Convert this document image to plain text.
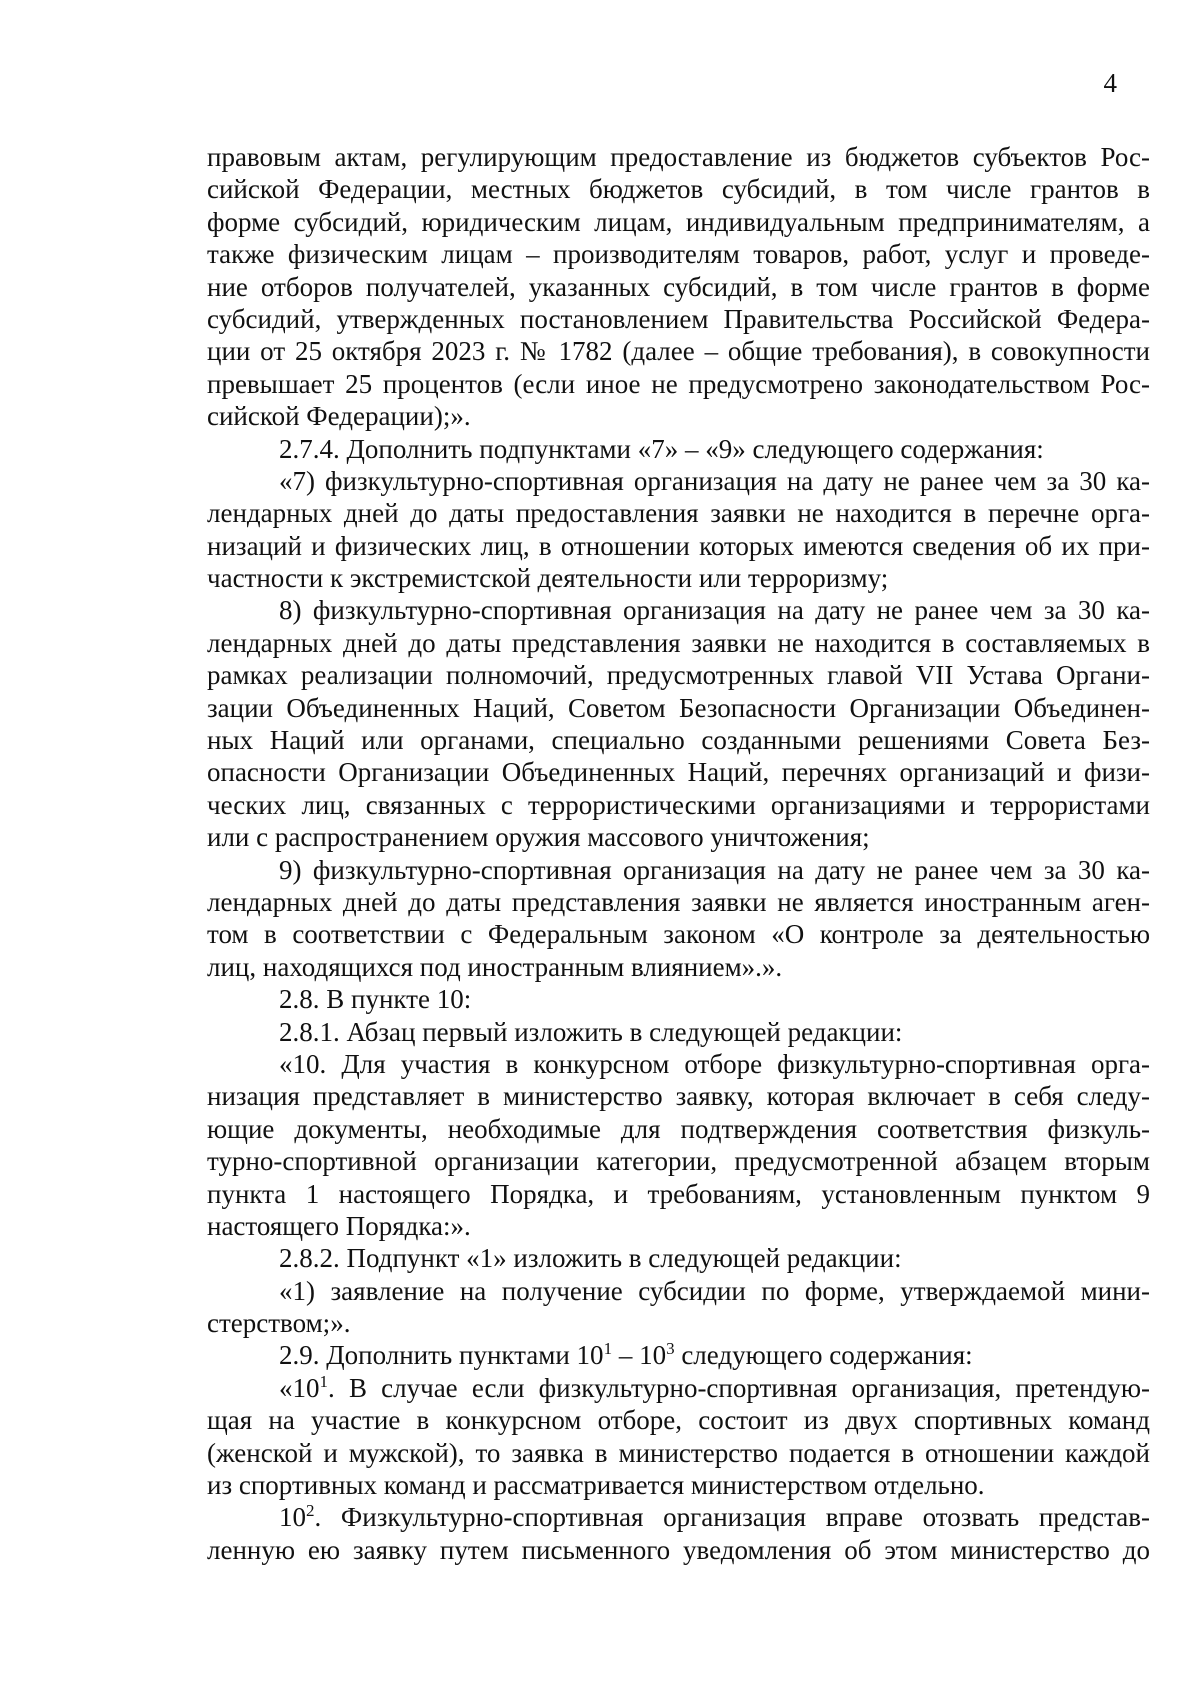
4
правовым актам, регулирующим предоставление из бюджетов субъектов Рос-
сийской Федерации, местных бюджетов субсидий, в том числе грантов в
форме субсидий, юридическим лицам, индивидуальным предпринимателям, а
также физическим лицам – производителям товаров, работ, услуг и проведе-
ние отборов получателей, указанных субсидий, в том числе грантов в форме
субсидий, утвержденных постановлением Правительства Российской Федера-
ции от 25 октября 2023 г. № 1782 (далее – общие требования), в совокупности
превышает 25 процентов (если иное не предусмотрено законодательством Рос-
сийской Федерации);».
2.7.4. Дополнить подпунктами «7» – «9» следующего содержания:
«7) физкультурно-спортивная организация на дату не ранее чем за 30 ка-
лендарных дней до даты предоставления заявки не находится в перечне орга-
низаций и физических лиц, в отношении которых имеются сведения об их при-
частности к экстремистской деятельности или терроризму;
8) физкультурно-спортивная организация на дату не ранее чем за 30 ка-
лендарных дней до даты представления заявки не находится в составляемых в
рамках реализации полномочий, предусмотренных главой VII Устава Органи-
зации Объединенных Наций, Советом Безопасности Организации Объединен-
ных Наций или органами, специально созданными решениями Совета Без-
опасности Организации Объединенных Наций, перечнях организаций и физи-
ческих лиц, связанных с террористическими организациями и террористами
или с распространением оружия массового уничтожения;
9) физкультурно-спортивная организация на дату не ранее чем за 30 ка-
лендарных дней до даты представления заявки не является иностранным аген-
том в соответствии с Федеральным законом «О контроле за деятельностью
лиц, находящихся под иностранным влиянием».».
2.8. В пункте 10:
2.8.1. Абзац первый изложить в следующей редакции:
«10. Для участия в конкурсном отборе физкультурно-спортивная орга-
низация представляет в министерство заявку, которая включает в себя следу-
ющие документы, необходимые для подтверждения соответствия физкуль-
турно-спортивной организации категории, предусмотренной абзацем вторым
пункта 1 настоящего Порядка, и требованиям, установленным пунктом 9
настоящего Порядка:».
2.8.2. Подпункт «1» изложить в следующей редакции:
«1) заявление на получение субсидии по форме, утверждаемой мини-
стерством;».
2.9. Дополнить пунктами $10^1 - 10^3$ следующего содержания:
«$10^1$. В случае если физкультурно-спортивная организация, претендую-
щая на участие в конкурсном отборе, состоит из двух спортивных команд
(женской и мужской), то заявка в министерство подается в отношении каждой
из спортивных команд и рассматривается министерством отдельно.
$10^2$. Физкультурно-спортивная организация вправе отозвать представ-
ленную ею заявку путем письменного уведомления об этом министерство до
